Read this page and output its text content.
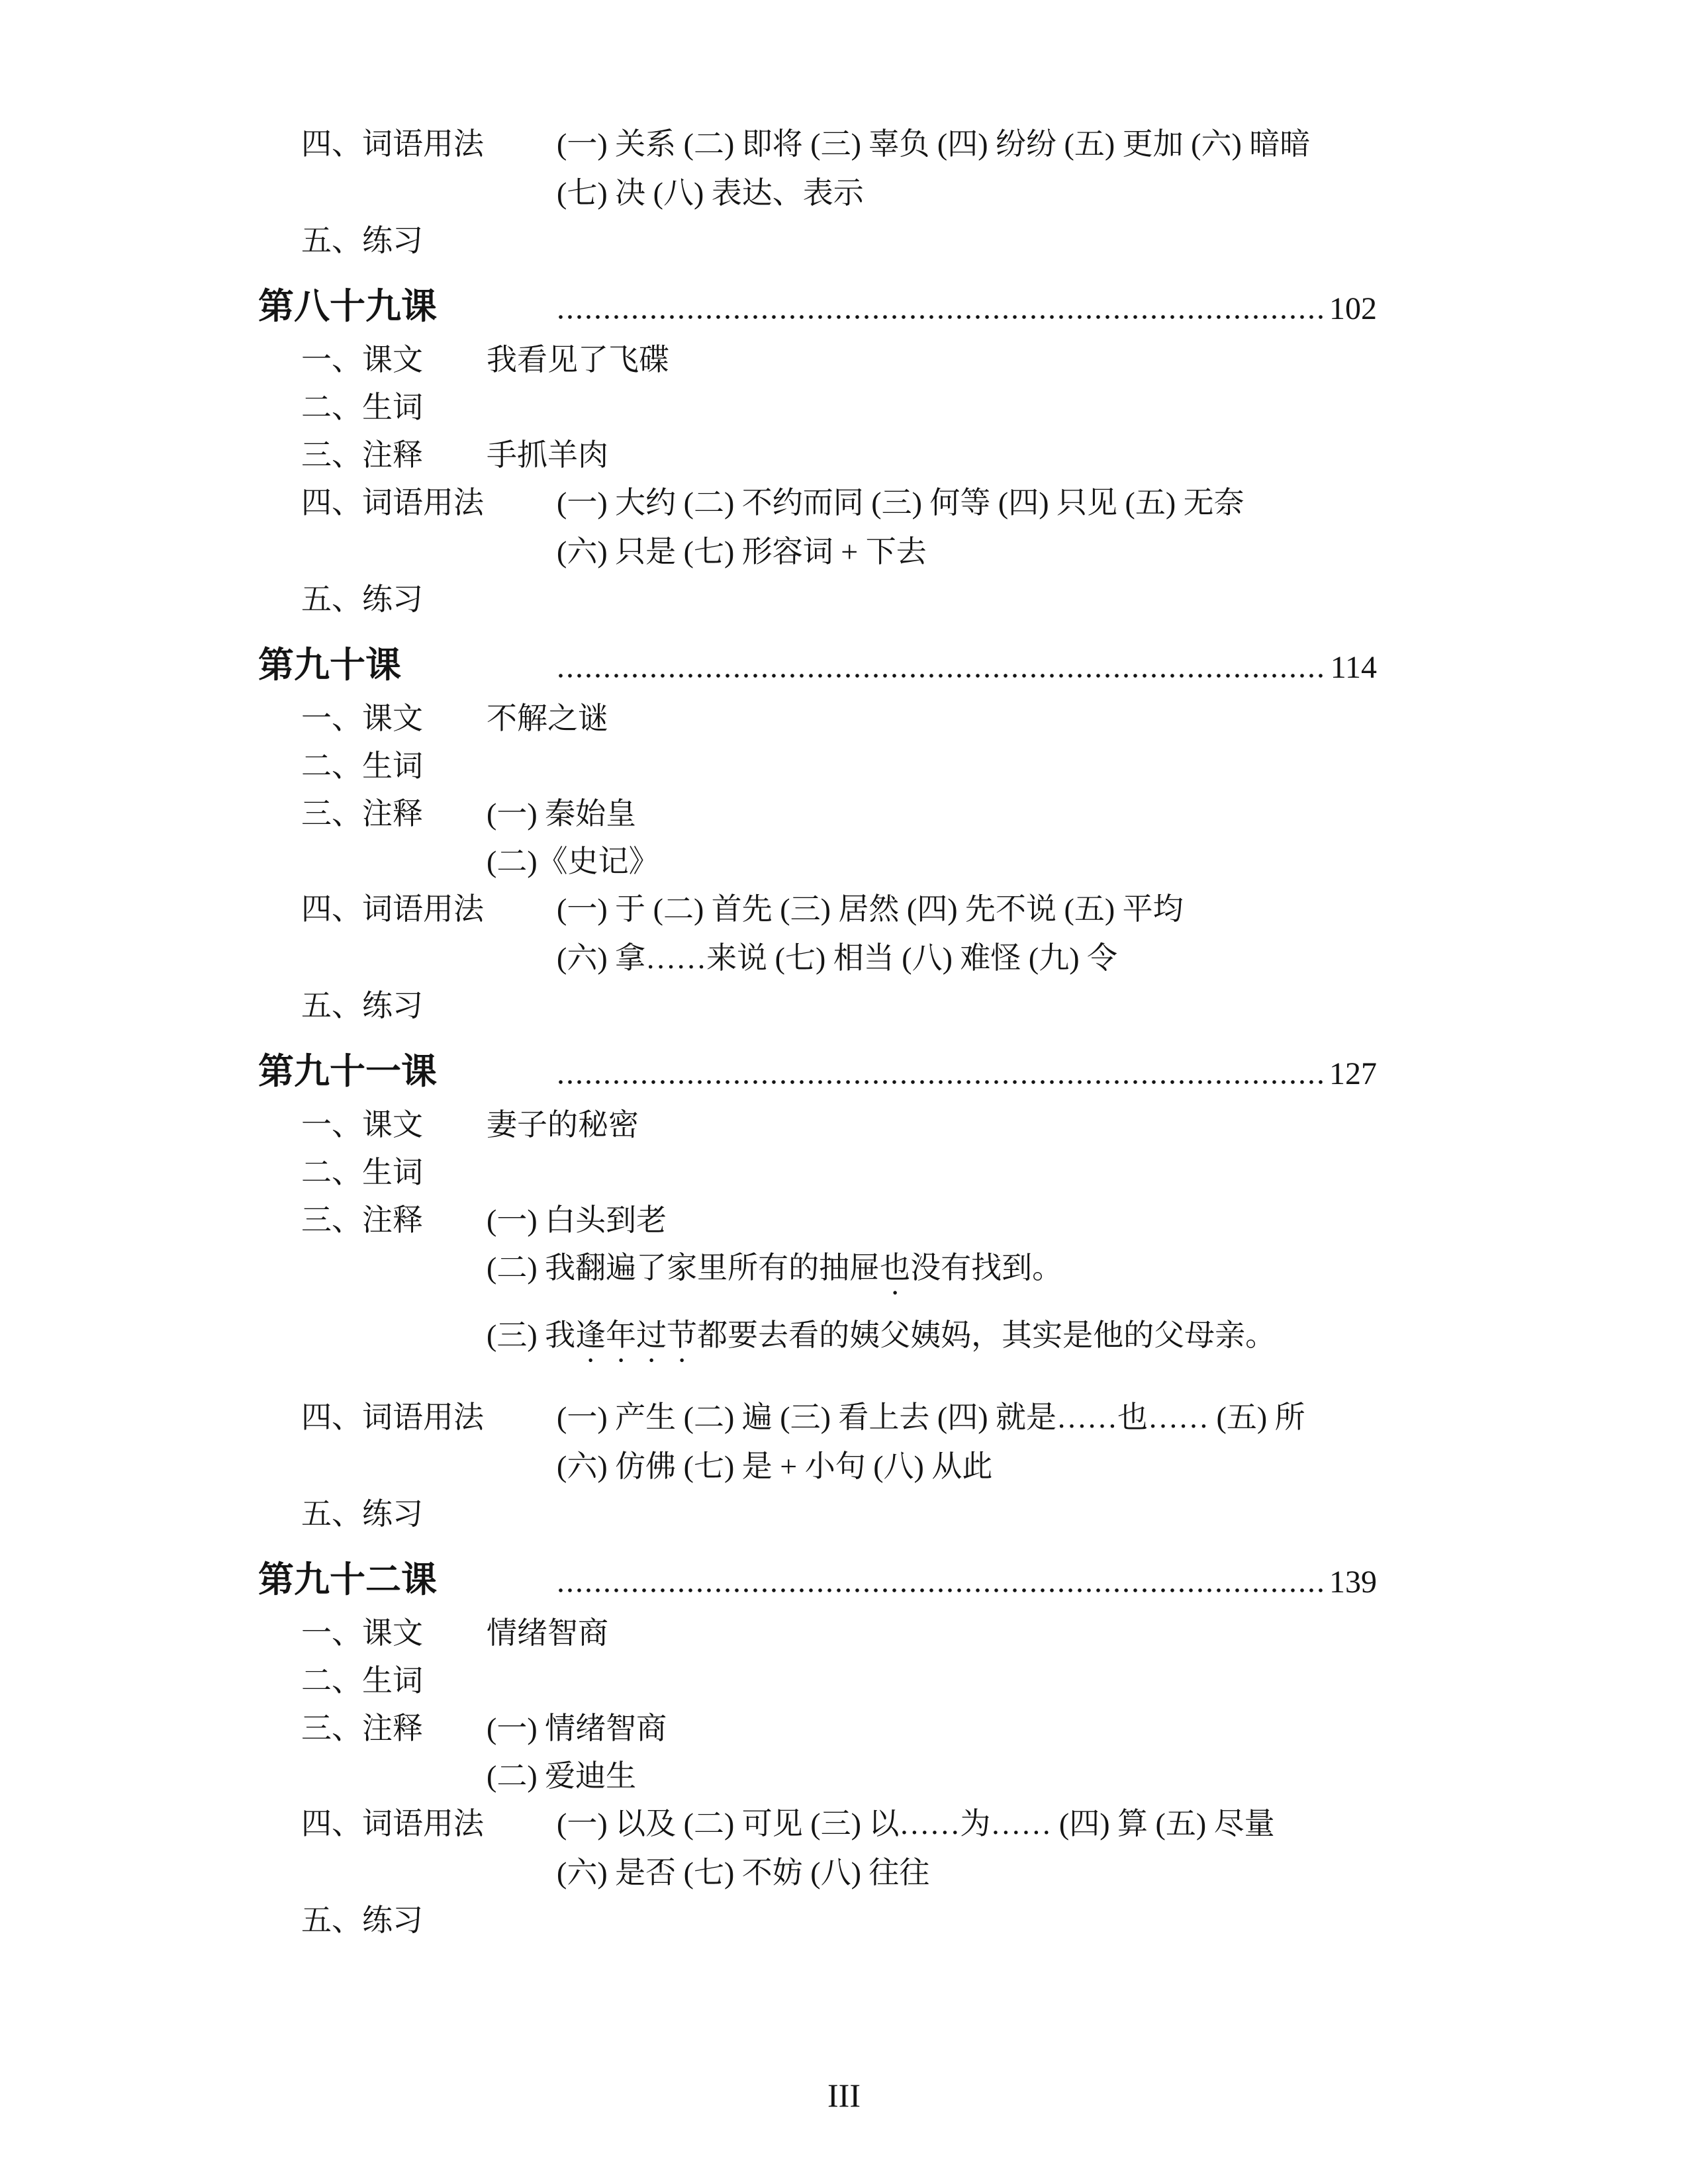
四、词语用法	(一) 关系 (二) 即将 (三) 辜负 (四) 纷纷 (五) 更加 (六) 暗暗
(七) 决 (八) 表达、表示
五、练习
第八十九课	102
一、课文	我看见了飞碟
二、生词
三、注释	手抓羊肉
四、词语用法	(一) 大约 (二) 不约而同 (三) 何等 (四) 只见 (五) 无奈
(六) 只是 (七) 形容词 + 下去
五、练习
第九十课	114
一、课文	不解之谜
二、生词
三、注释	(一) 秦始皇
(二)《史记》
四、词语用法	(一) 于 (二) 首先 (三) 居然 (四) 先不说 (五) 平均
(六) 拿……来说 (七) 相当 (八) 难怪 (九) 令
五、练习
第九十一课	127
一、课文	妻子的秘密
二、生词
三、注释	(一) 白头到老
(二) 我翻遍了家里所有的抽屉也没有找到。
(三) 我逢年过节都要去看的姨父姨妈，其实是他的父母亲。
四、词语用法	(一) 产生 (二) 遍 (三) 看上去 (四) 就是……也…… (五) 所
(六) 仿佛 (七) 是 + 小句 (八) 从此
五、练习
第九十二课	139
一、课文	情绪智商
二、生词
三、注释	(一) 情绪智商
(二) 爱迪生
四、词语用法	(一) 以及 (二) 可见 (三) 以……为…… (四) 算 (五) 尽量
(六) 是否 (七) 不妨 (八) 往往
五、练习
III
